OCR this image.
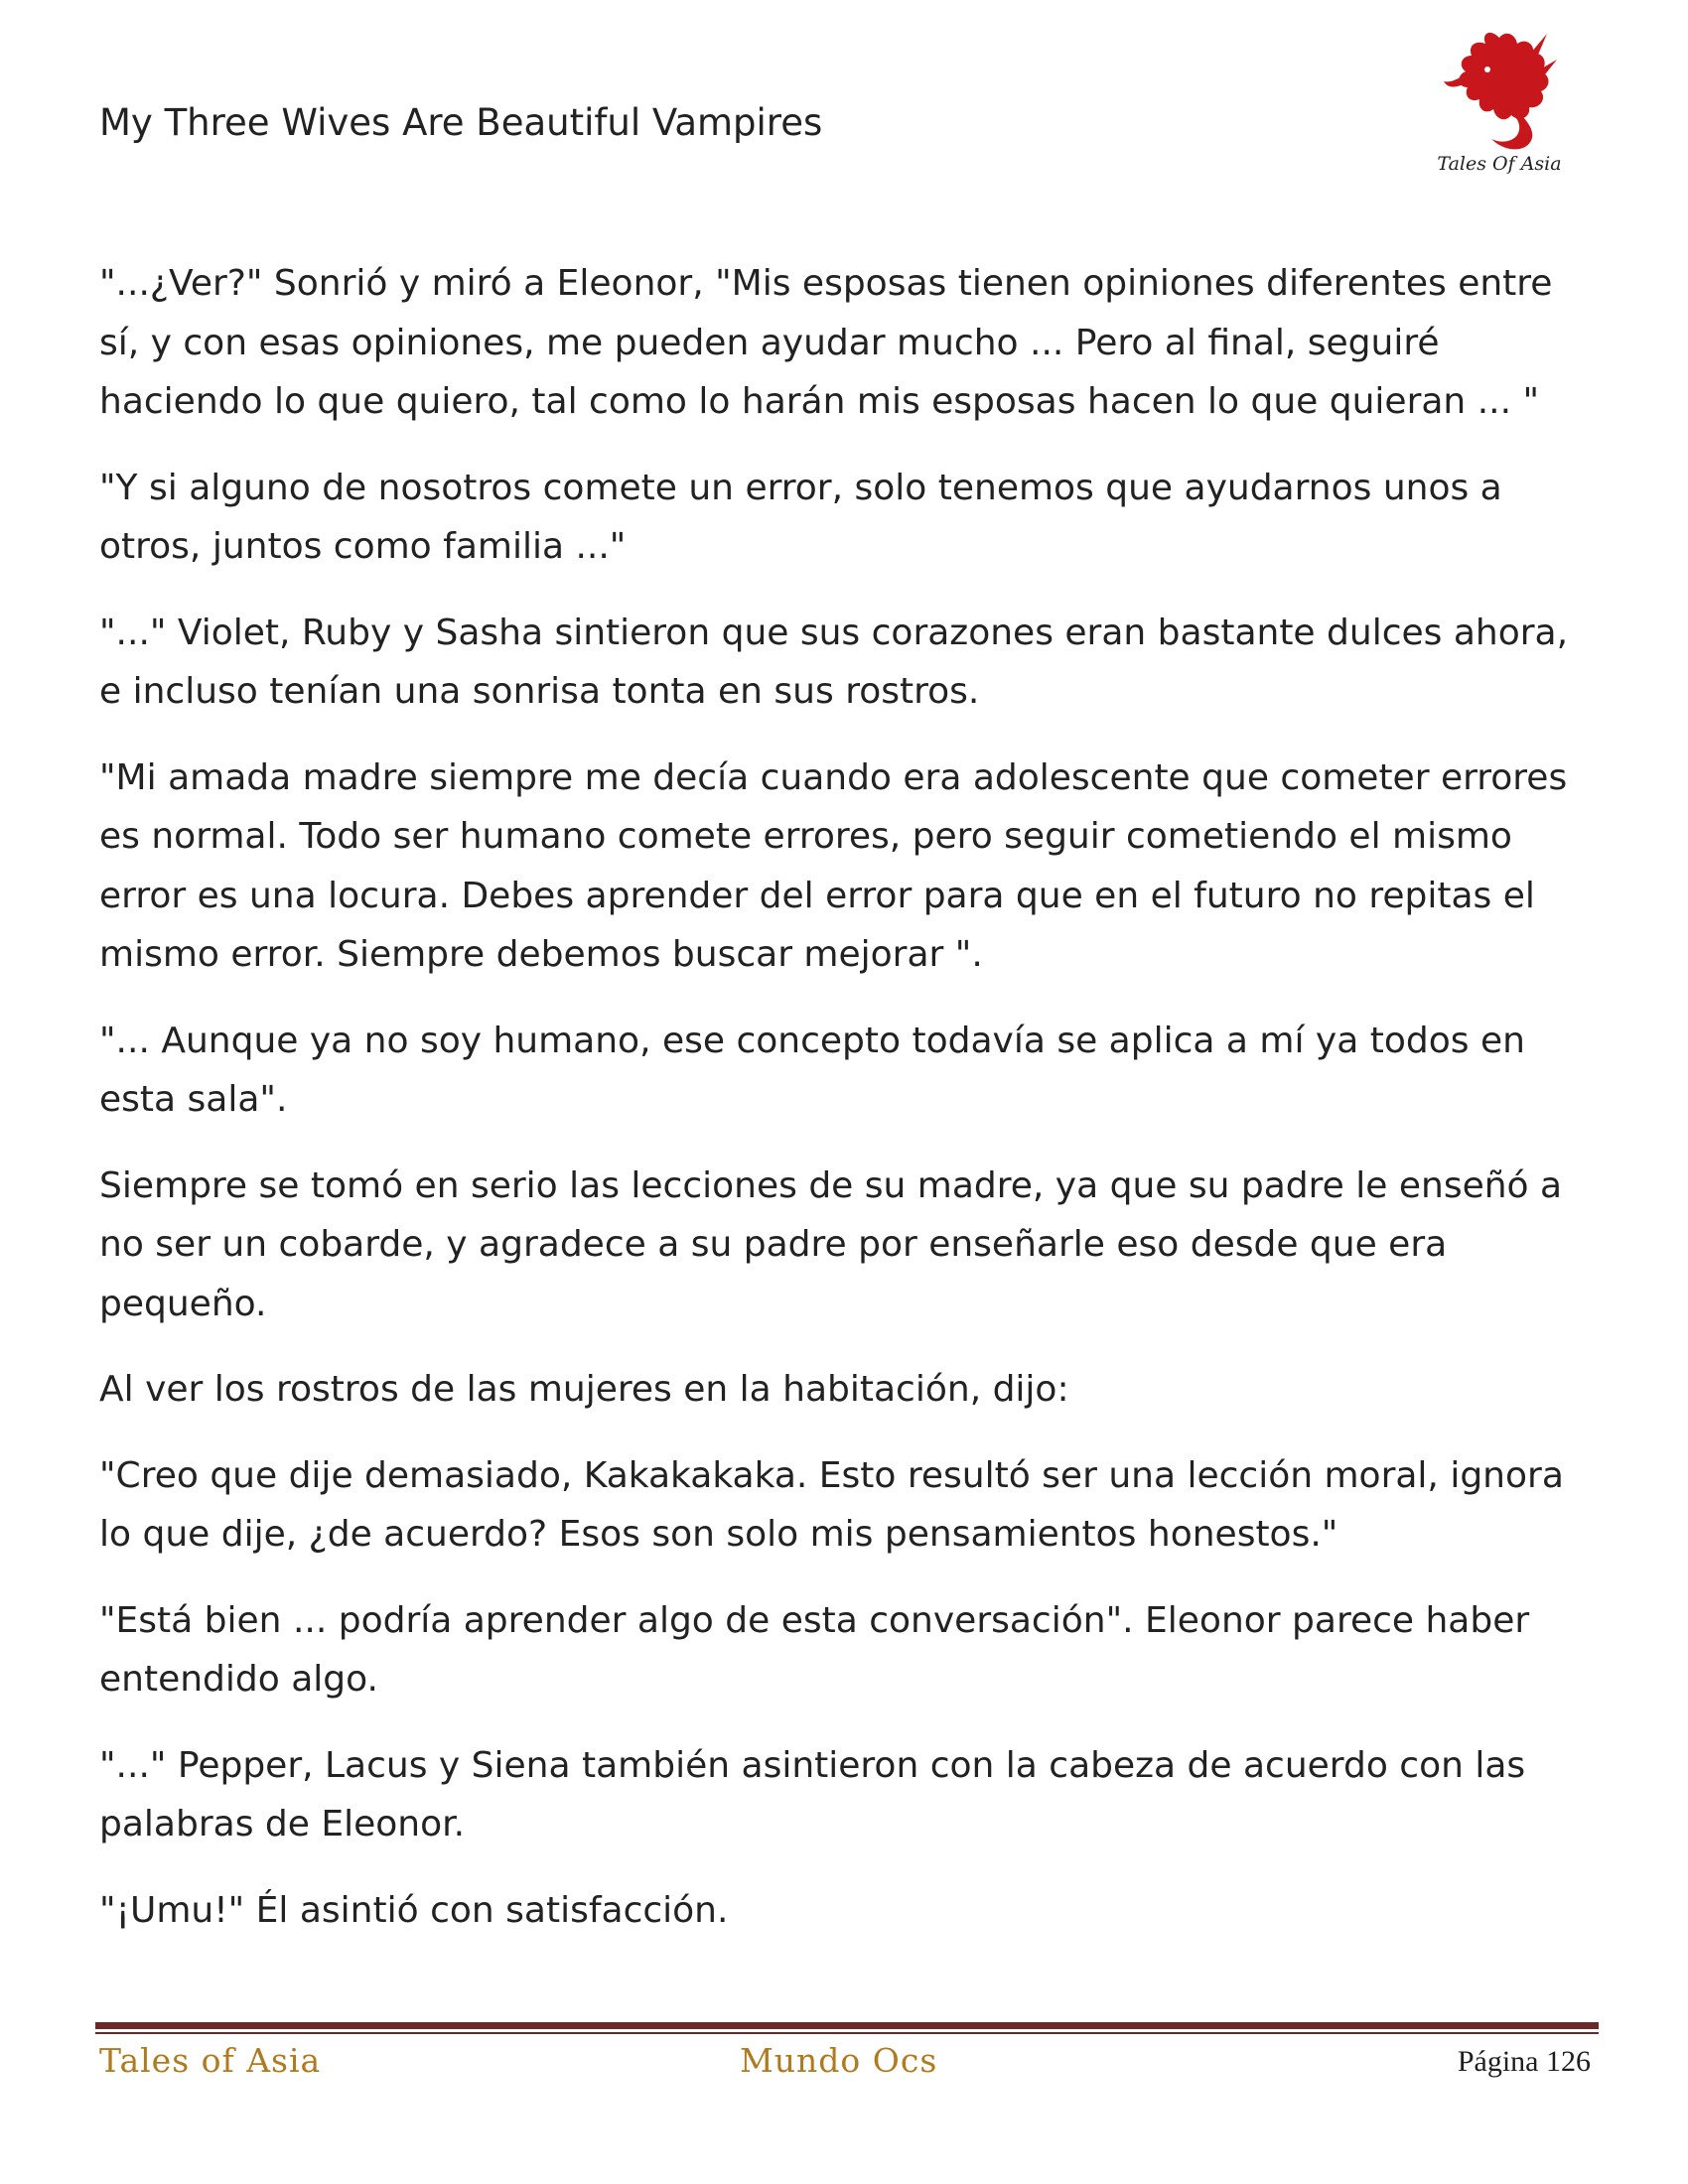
My Three Wives Are Beautiful Vampires
Tales Of Asia

"...¿Ver?" Sonrió y miró a Eleonor, "Mis esposas tienen opiniones diferentes entre sí, y con esas opiniones, me pueden ayudar mucho ... Pero al final, seguiré haciendo lo que quiero, tal como lo harán mis esposas hacen lo que quieran ... "

"Y si alguno de nosotros comete un error, solo tenemos que ayudarnos unos a otros, juntos como familia ..."

"..." Violet, Ruby y Sasha sintieron que sus corazones eran bastante dulces ahora, e incluso tenían una sonrisa tonta en sus rostros.

"Mi amada madre siempre me decía cuando era adolescente que cometer errores es normal. Todo ser humano comete errores, pero seguir cometiendo el mismo error es una locura. Debes aprender del error para que en el futuro no repitas el mismo error. Siempre debemos buscar mejorar ".

"... Aunque ya no soy humano, ese concepto todavía se aplica a mí ya todos en esta sala".

Siempre se tomó en serio las lecciones de su madre, ya que su padre le enseñó a no ser un cobarde, y agradece a su padre por enseñarle eso desde que era pequeño.

Al ver los rostros de las mujeres en la habitación, dijo:

"Creo que dije demasiado, Kakakakaka. Esto resultó ser una lección moral, ignora lo que dije, ¿de acuerdo? Esos son solo mis pensamientos honestos."

"Está bien ... podría aprender algo de esta conversación". Eleonor parece haber entendido algo.

"..." Pepper, Lacus y Siena también asintieron con la cabeza de acuerdo con las palabras de Eleonor.

"¡Umu!" Él asintió con satisfacción.

Tales of Asia	Mundo Ocs	Página 126
